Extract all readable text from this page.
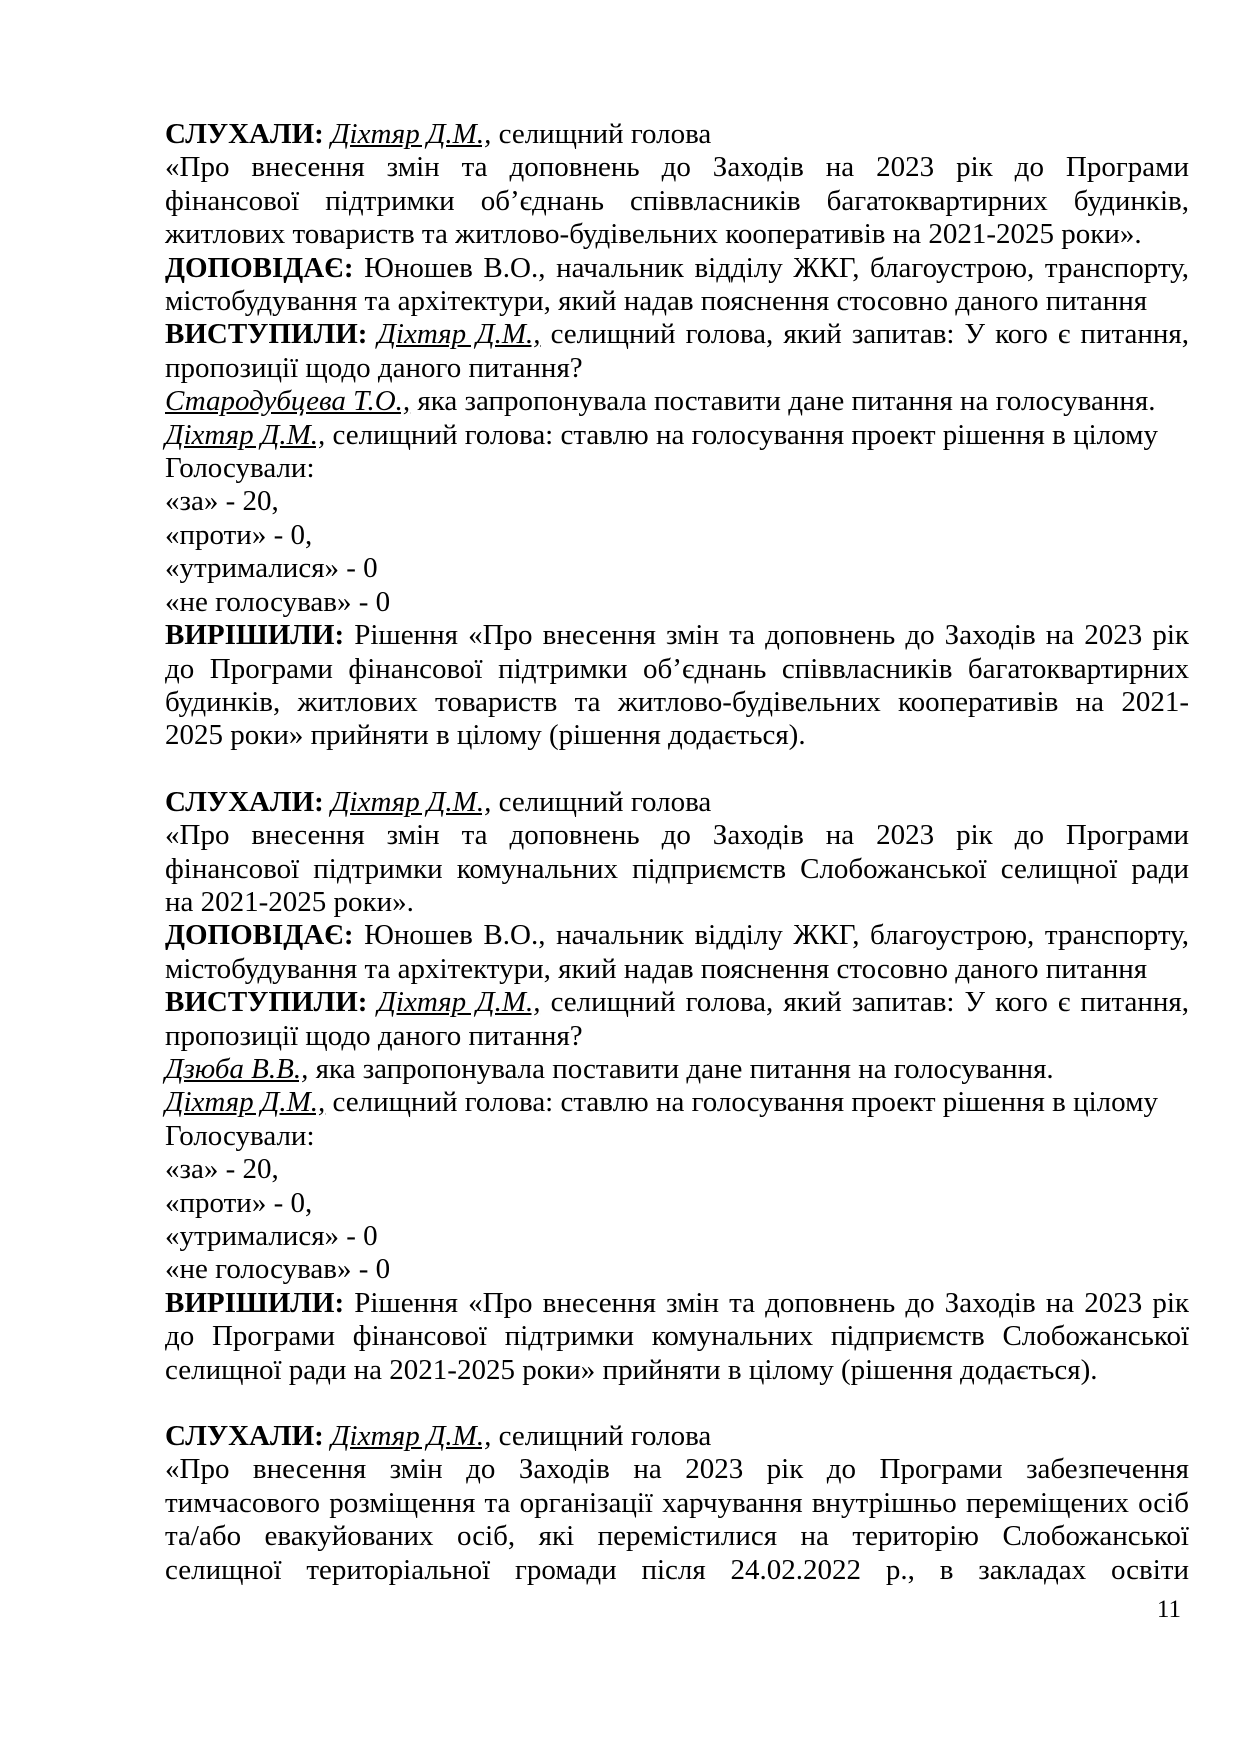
СЛУХАЛИ: Діхтяр Д.М., селищний голова

«Про внесення змін та доповнень до Заходів на 2023 рік до Програми

фінансової підтримки об’єднань співвласників багатоквартирних будинків,

житлових товариств та житлово-будівельних кооперативів на 2021-2025 роки».

ДОПОВІДАЄ: Юношев В.О., начальник відділу ЖКГ, благоустрою, транспорту,

містобудування та архітектури, який надав пояснення стосовно даного питання

ВИСТУПИЛИ: Діхтяр Д.М., селищний голова, який запитав: У кого є питання,

пропозиції щодо даного питання?

Стародубцева Т.О., яка запропонувала поставити дане питання на голосування.

Діхтяр Д.М., селищний голова: ставлю на голосування проект рішення в цілому

Голосували:

«за» - 20,

«проти» - 0,

«утрималися» - 0

«не голосував» - 0

ВИРІШИЛИ: Рішення «Про внесення змін та доповнень до Заходів на 2023 рік

до Програми фінансової підтримки об’єднань співвласників багатоквартирних

будинків, житлових товариств та житлово-будівельних кооперативів на 2021-

2025 роки» прийняти в цілому (рішення додається).

СЛУХАЛИ: Діхтяр Д.М., селищний голова

«Про внесення змін та доповнень до Заходів на 2023 рік до Програми

фінансової підтримки комунальних підприємств Слобожанської селищної ради

на 2021-2025 роки».

ДОПОВІДАЄ: Юношев В.О., начальник відділу ЖКГ, благоустрою, транспорту,

містобудування та архітектури, який надав пояснення стосовно даного питання

ВИСТУПИЛИ: Діхтяр Д.М., селищний голова, який запитав: У кого є питання,

пропозиції щодо даного питання?

Дзюба В.В., яка запропонувала поставити дане питання на голосування.

Діхтяр Д.М., селищний голова: ставлю на голосування проект рішення в цілому

Голосували:

«за» - 20,

«проти» - 0,

«утрималися» - 0

«не голосував» - 0

ВИРІШИЛИ: Рішення «Про внесення змін та доповнень до Заходів на 2023 рік

до Програми фінансової підтримки комунальних підприємств Слобожанської

селищної ради на 2021-2025 роки» прийняти в цілому (рішення додається).

СЛУХАЛИ: Діхтяр Д.М., селищний голова

«Про внесення змін до Заходів на 2023 рік до Програми забезпечення

тимчасового розміщення та організації харчування внутрішньо переміщених осіб

та/або евакуйованих осіб, які перемістилися на територію Слобожанської

селищної територіальної громади після 24.02.2022 р., в закладах освіти

11
